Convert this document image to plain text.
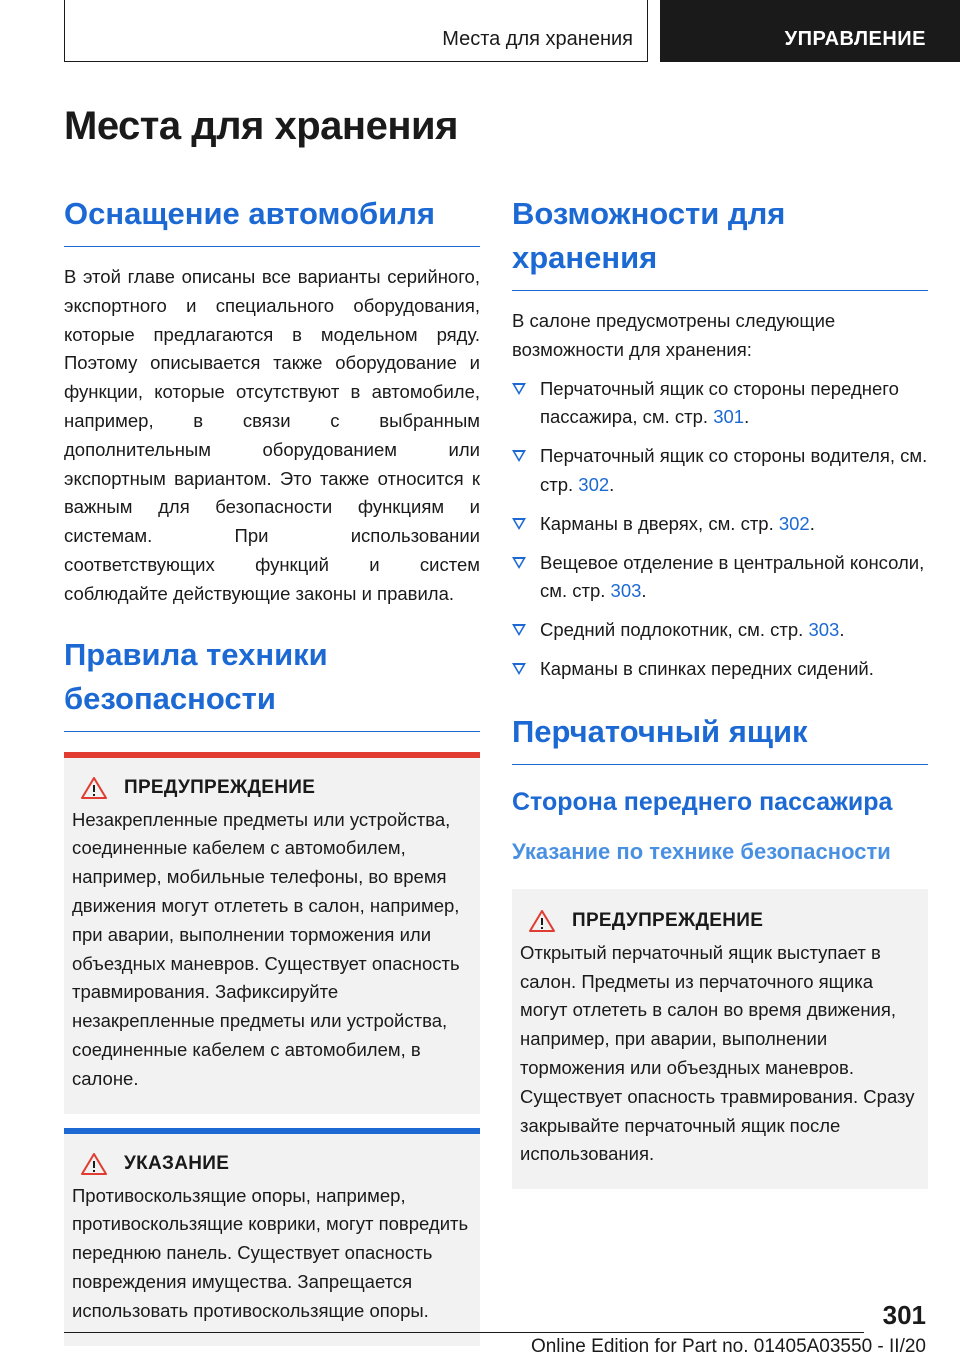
Места для хранения	УПРАВЛЕНИЕ
Места для хранения
Оснащение автомобиля

В этой главе описаны все варианты серийного, экспортного и специального оборудования, которые предлагаются в модельном ряду. Поэтому описывается также оборудование и функции, которые отсутствуют в автомобиле, например, в связи с выбранным дополнительным оборудованием или экспортным вариантом. Это также относится к важным для безопасности функциям и системам. При использовании соответствующих функций и систем соблюдайте действующие законы и правила.

Правила техники безопасности
ПРЕДУПРЕЖДЕНИЕ

Незакрепленные предметы или устройства, соединенные кабелем с автомобилем, например, мобильные телефоны, во время движения могут отлететь в салон, например, при аварии, выполнении торможения или объездных маневров. Существует опасность травмирования. Зафиксируйте незакрепленные предметы или устройства, соединенные кабелем с автомобилем, в салоне.

УКАЗАНИЕ

Противоскользящие опоры, например, противоскользящие коврики, могут повредить переднюю панель. Существует опасность повреждения имущества. Запрещается использовать противоскользящие опоры.

Возможности для хранения

В салоне предусмотрены следующие возможности для хранения:

Перчаточный ящик со стороны переднего пассажира, см. стр. 301.
Перчаточный ящик со стороны водителя, см. стр. 302.
Карманы в дверях, см. стр. 302.
Вещевое отделение в центральной консоли, см. стр. 303.
Средний подлокотник, см. стр. 303.
Карманы в спинках передних сидений.
Перчаточный ящик
Сторона переднего пассажира
Указание по технике безопасности
ПРЕДУПРЕЖДЕНИЕ

Открытый перчаточный ящик выступает в салон. Предметы из перчаточного ящика могут отлететь в салон во время движения, например, при аварии, выполнении торможения или объездных маневров. Существует опасность травмирования. Сразу закрывайте перчаточный ящик после использования.

301
Online Edition for Part no. 01405A03550 - II/20
